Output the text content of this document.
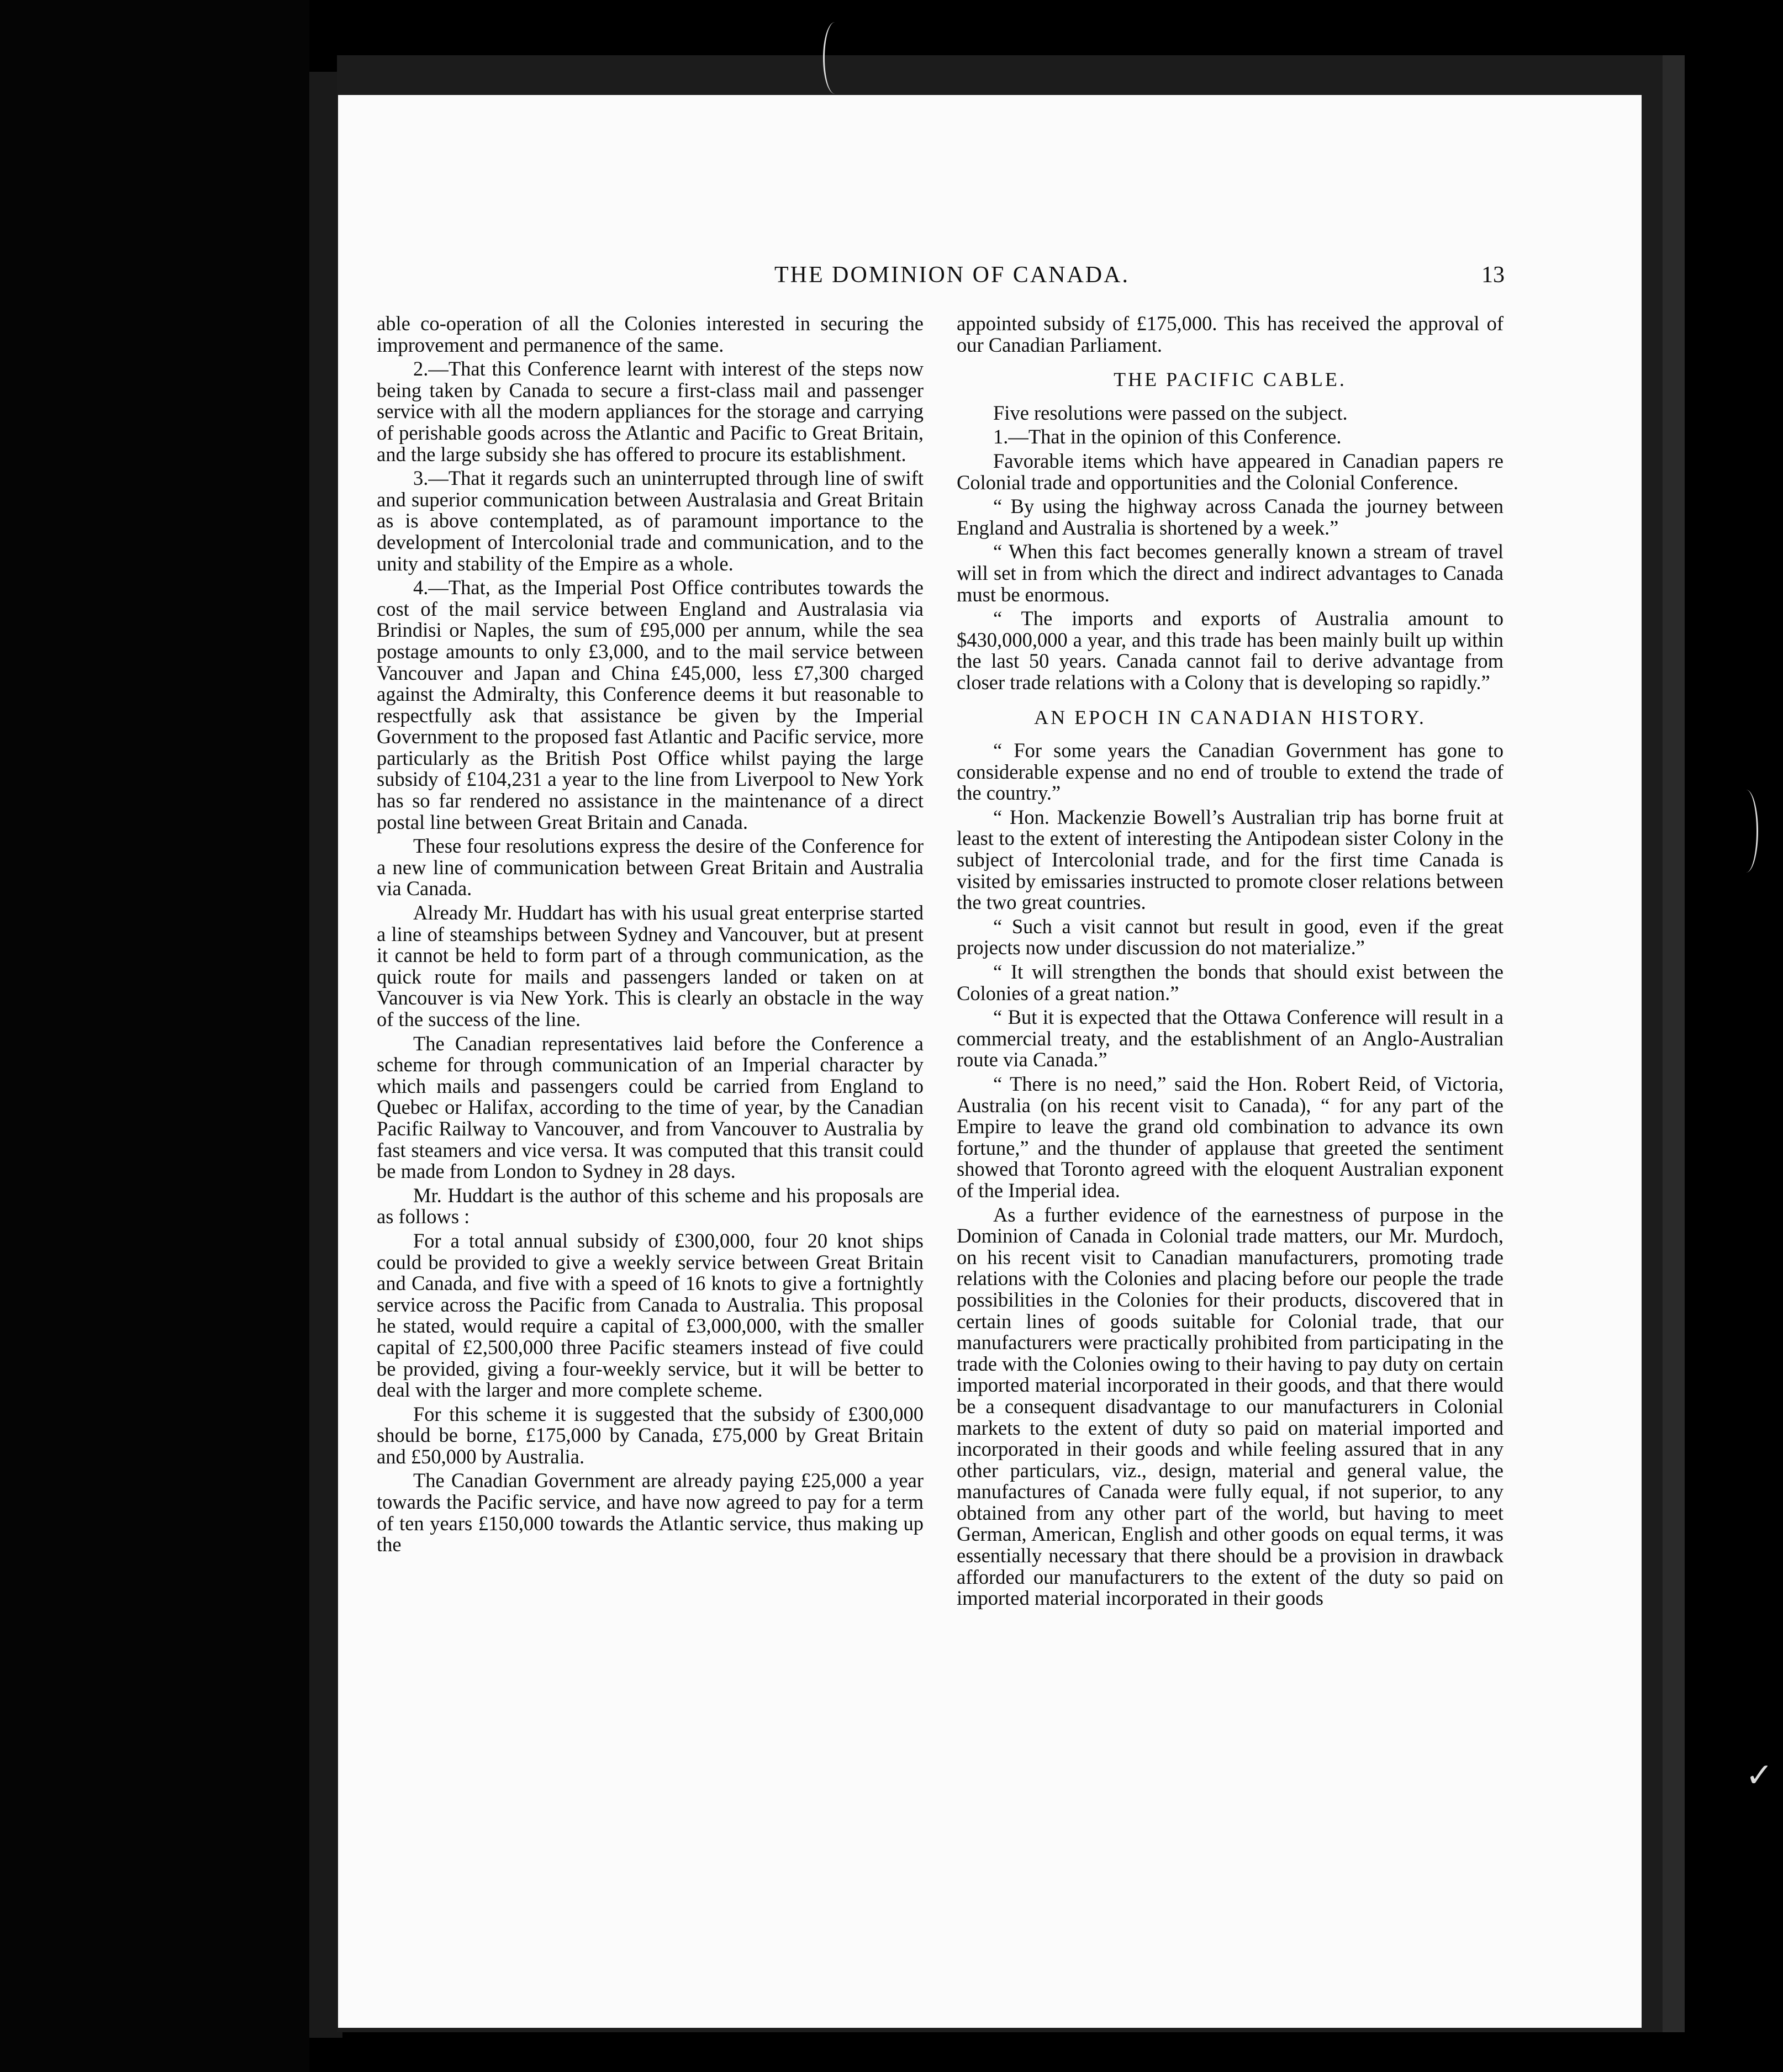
✓
THE DOMINION OF CANADA.	13

able co-operation of all the Colonies interested in securing the improvement and permanence of the same.

2.—That this Conference learnt with interest of the steps now being taken by Canada to secure a first-class mail and passenger service with all the modern appliances for the storage and carrying of perishable goods across the Atlantic and Pacific to Great Britain, and the large subsidy she has offered to procure its establishment.

3.—That it regards such an uninterrupted through line of swift and superior communication between Australasia and Great Britain as is above contemplated, as of paramount importance to the development of Intercolonial trade and communication, and to the unity and stability of the Empire as a whole.

4.—That, as the Imperial Post Office contributes towards the cost of the mail service between England and Australasia via Brindisi or Naples, the sum of £95,000 per annum, while the sea postage amounts to only £3,000, and to the mail service between Vancouver and Japan and China £45,000, less £7,300 charged against the Admiralty, this Conference deems it but reasonable to respectfully ask that assistance be given by the Imperial Government to the proposed fast Atlantic and Pacific service, more particularly as the British Post Office whilst paying the large subsidy of £104,231 a year to the line from Liverpool to New York has so far rendered no assistance in the maintenance of a direct postal line between Great Britain and Canada.

These four resolutions express the desire of the Conference for a new line of communication between Great Britain and Australia via Canada.

Already Mr. Huddart has with his usual great enterprise started a line of steamships between Sydney and Vancouver, but at present it cannot be held to form part of a through communication, as the quick route for mails and passengers landed or taken on at Vancouver is via New York. This is clearly an obstacle in the way of the success of the line.

The Canadian representatives laid before the Conference a scheme for through communication of an Imperial character by which mails and passengers could be carried from England to Quebec or Halifax, according to the time of year, by the Canadian Pacific Railway to Vancouver, and from Vancouver to Australia by fast steamers and vice versa. It was computed that this transit could be made from London to Sydney in 28 days.

Mr. Huddart is the author of this scheme and his proposals are as follows :

For a total annual subsidy of £300,000, four 20 knot ships could be provided to give a weekly service between Great Britain and Canada, and five with a speed of 16 knots to give a fortnightly service across the Pacific from Canada to Australia. This proposal he stated, would require a capital of £3,000,000, with the smaller capital of £2,500,000 three Pacific steamers instead of five could be provided, giving a four-weekly service, but it will be better to deal with the larger and more complete scheme.

For this scheme it is suggested that the subsidy of £300,000 should be borne, £175,000 by Canada, £75,000 by Great Britain and £50,000 by Australia.

The Canadian Government are already paying £25,000 a year towards the Pacific service, and have now agreed to pay for a term of ten years £150,000 towards the Atlantic service, thus making up the

appointed subsidy of £175,000. This has received the approval of our Canadian Parliament.

THE PACIFIC CABLE.

Five resolutions were passed on the subject.

1.—That in the opinion of this Conference.

Favorable items which have appeared in Canadian papers re Colonial trade and opportunities and the Colonial Conference.

“ By using the highway across Canada the journey between England and Australia is shortened by a week.”

“ When this fact becomes generally known a stream of travel will set in from which the direct and indirect advantages to Canada must be enormous.

“ The imports and exports of Australia amount to $430,000,000 a year, and this trade has been mainly built up within the last 50 years. Canada cannot fail to derive advantage from closer trade relations with a Colony that is developing so rapidly.”

AN EPOCH IN CANADIAN HISTORY.

“ For some years the Canadian Government has gone to considerable expense and no end of trouble to extend the trade of the country.”

“ Hon. Mackenzie Bowell’s Australian trip has borne fruit at least to the extent of interesting the Antipodean sister Colony in the subject of Intercolonial trade, and for the first time Canada is visited by emissaries instructed to promote closer relations between the two great countries.

“ Such a visit cannot but result in good, even if the great projects now under discussion do not materialize.”

“ It will strengthen the bonds that should exist between the Colonies of a great nation.”

“ But it is expected that the Ottawa Conference will result in a commercial treaty, and the establishment of an Anglo-Australian route via Canada.”

“ There is no need,” said the Hon. Robert Reid, of Victoria, Australia (on his recent visit to Canada), “ for any part of the Empire to leave the grand old combination to advance its own fortune,” and the thunder of applause that greeted the sentiment showed that Toronto agreed with the eloquent Australian exponent of the Imperial idea.

As a further evidence of the earnestness of purpose in the Dominion of Canada in Colonial trade matters, our Mr. Murdoch, on his recent visit to Canadian manufacturers, promoting trade relations with the Colonies and placing before our people the trade possibilities in the Colonies for their products, discovered that in certain lines of goods suitable for Colonial trade, that our manufacturers were practically prohibited from participating in the trade with the Colonies owing to their having to pay duty on certain imported material incorporated in their goods, and that there would be a consequent disadvantage to our manufacturers in Colonial markets to the extent of duty so paid on material imported and incorporated in their goods and while feeling assured that in any other particulars, viz., design, material and general value, the manufactures of Canada were fully equal, if not superior, to any obtained from any other part of the world, but having to meet German, American, English and other goods on equal terms, it was essentially necessary that there should be a provision in drawback afforded our manufacturers to the extent of the duty so paid on imported material incorporated in their goods
